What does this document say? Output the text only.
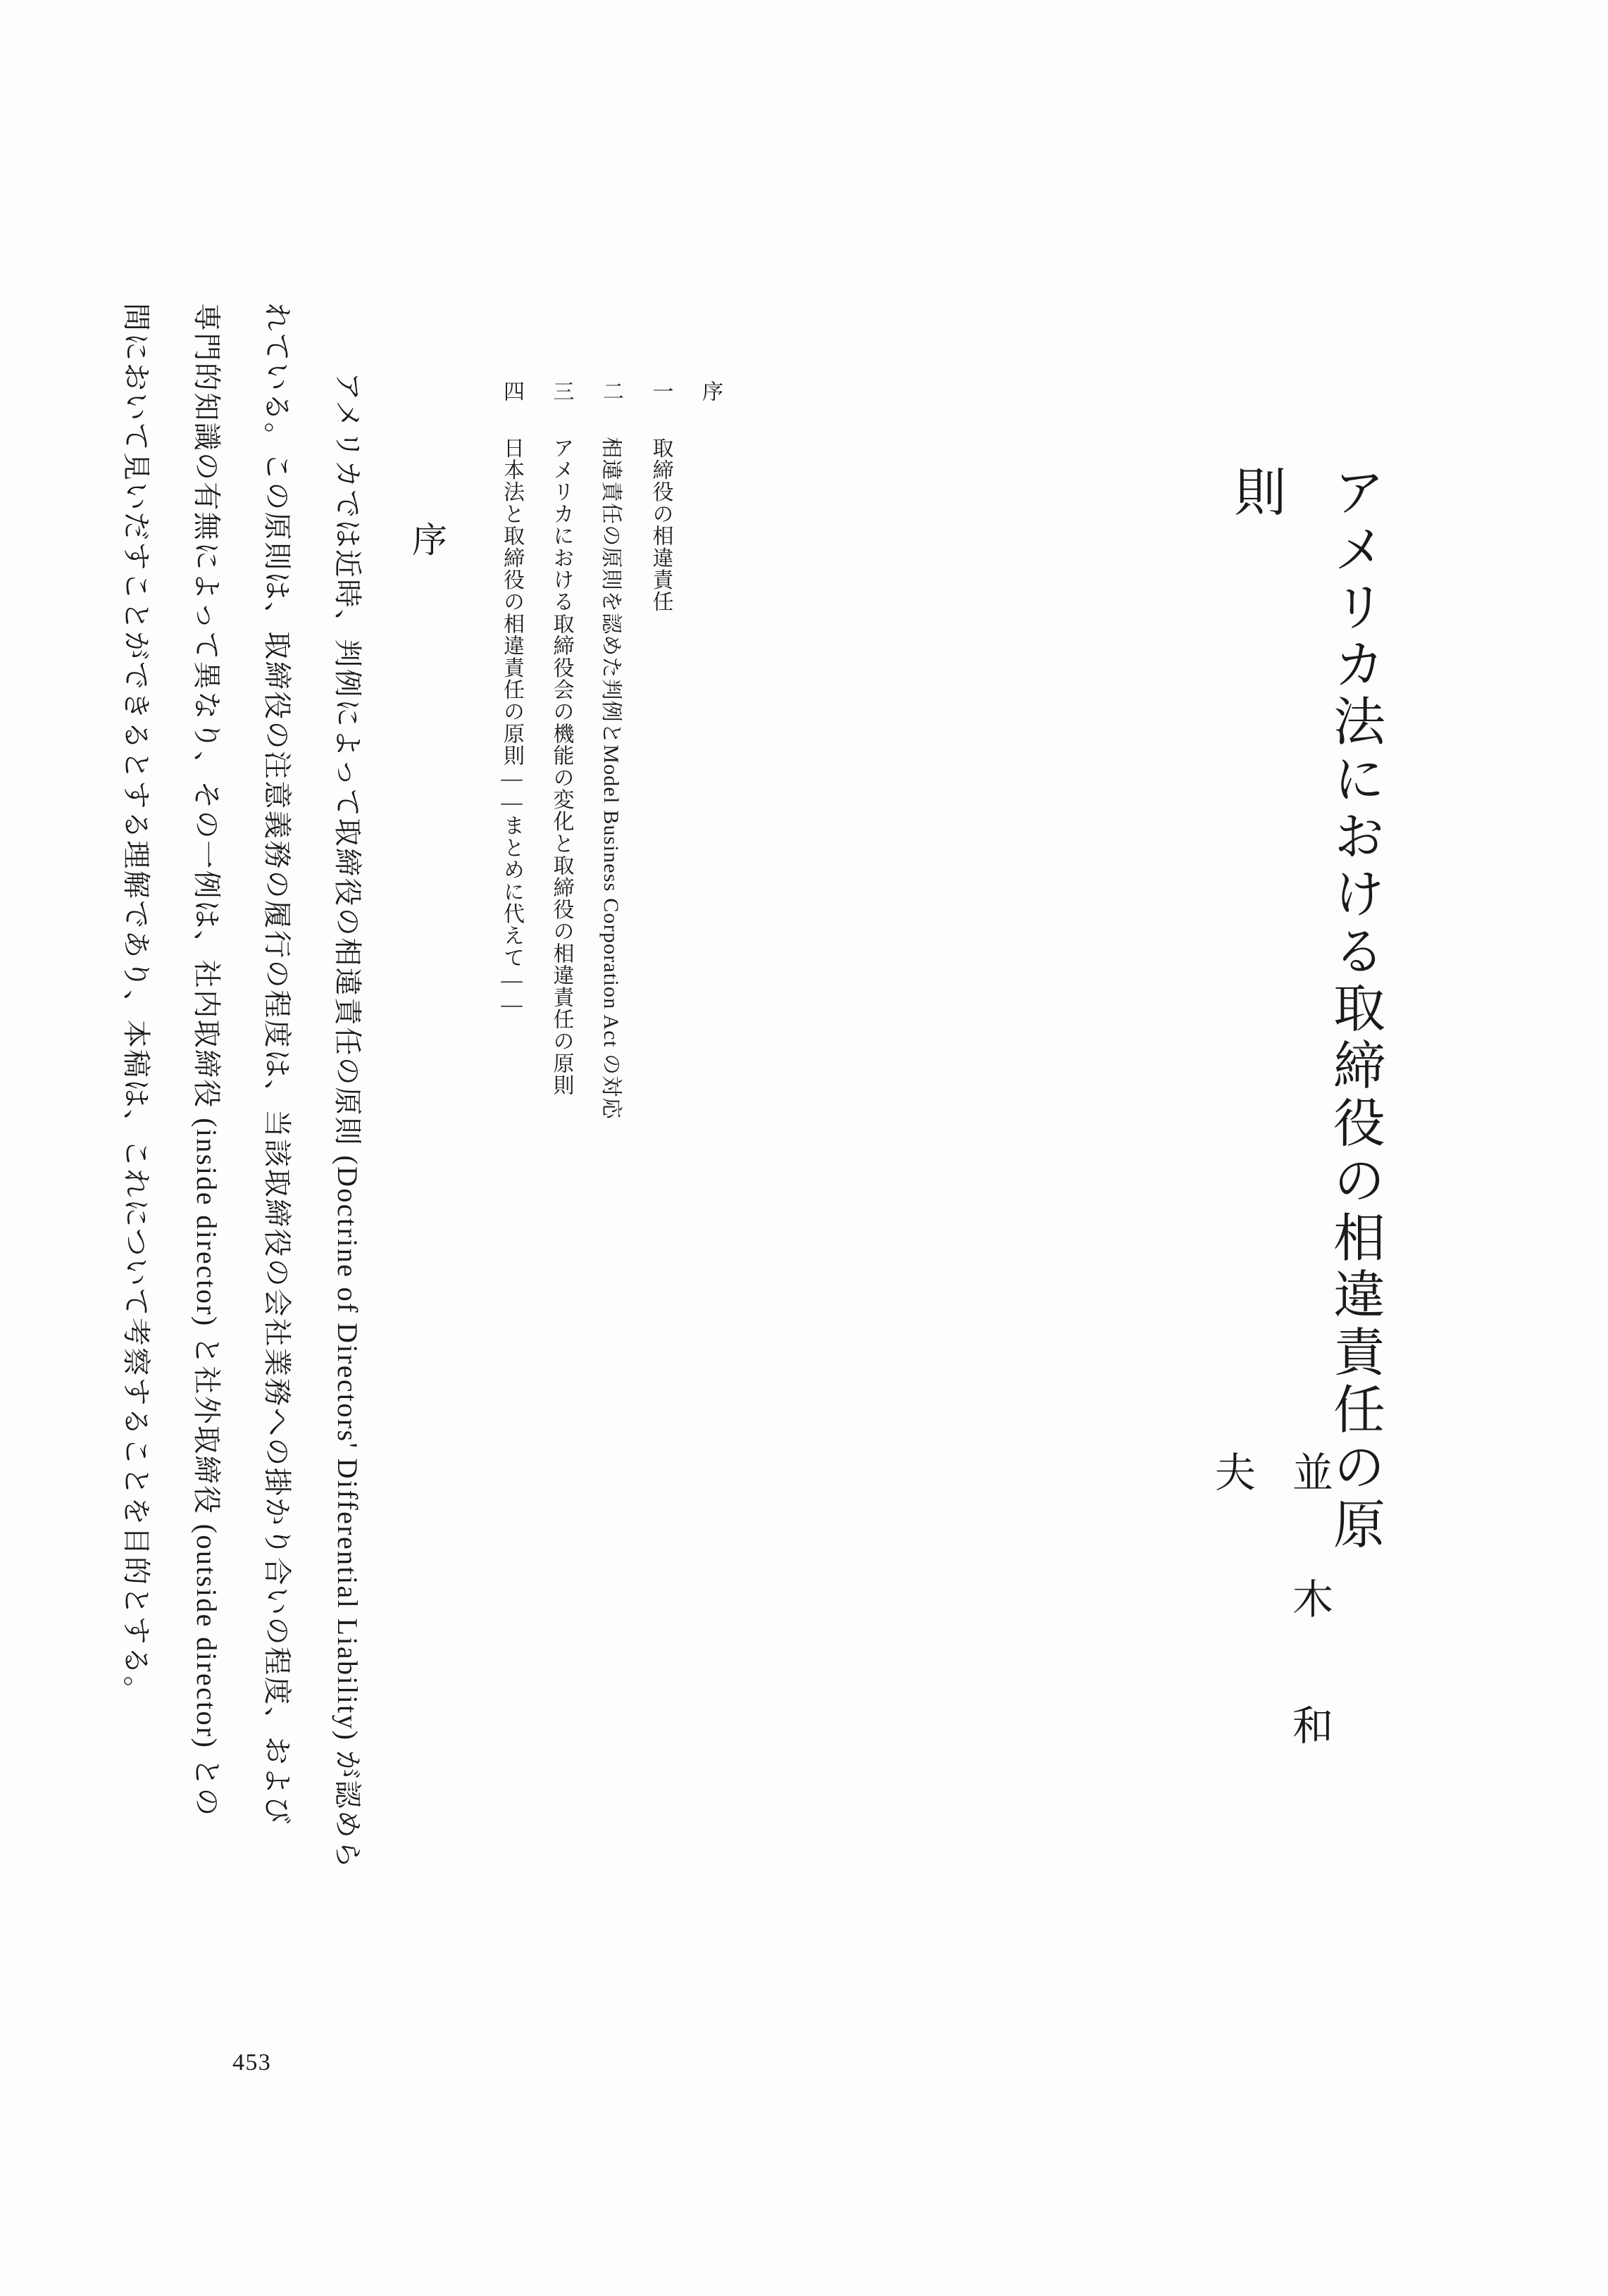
アメリカ法における取締役の相違責任の原則
並　木　和　夫
序
一　取締役の相違責任
二　相違責任の原則を認めた判例とModel Business Corporation Act の対応
三　アメリカにおける取締役会の機能の変化と取締役の相違責任の原則
四　日本法と取締役の相違責任の原則——まとめに代えて——
序
　アメリカでは近時、判例によって取締役の相違責任の原則 (Doctrine of Directors' Differential Liability) が認めら
れている。この原則は、取締役の注意義務の履行の程度は、当該取締役の会社業務への掛かり合いの程度、および
専門的知識の有無によって異なり、その一例は、社内取締役 (inside director) と社外取締役 (outside director) との
間において見いだすことができるとする理解であり、本稿は、これについて考察することを目的とする。
453
